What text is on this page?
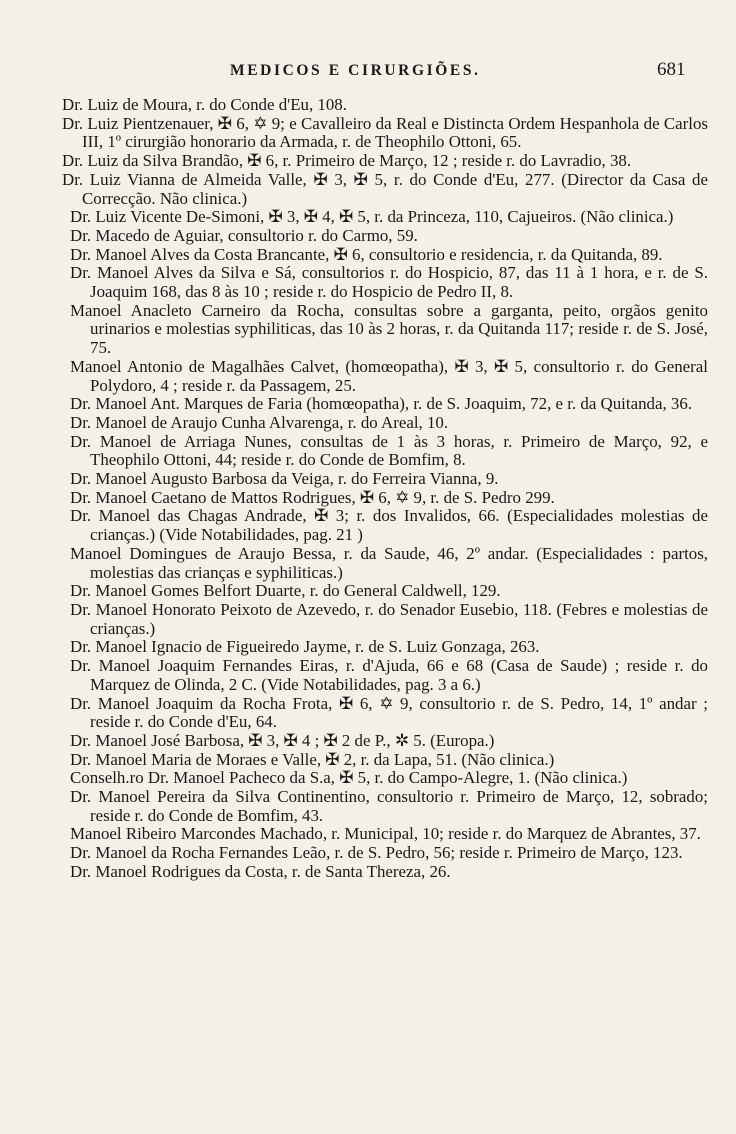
MEDICOS E CIRURGIÕES.	681

Dr. Luiz de Moura, r. do Conde d'Eu, 108.

Dr. Luiz Pientzenauer, ✠ 6, ✡ 9; e Cavalleiro da Real e Distincta Ordem Hespanhola de Carlos III, 1º cirurgião honorario da Armada, r. de Theophilo Ottoni, 65.

Dr. Luiz da Silva Brandão, ✠ 6, r. Primeiro de Março, 12 ; reside r. do Lavradio, 38.

Dr. Luiz Vianna de Almeida Valle, ✠ 3, ✠ 5, r. do Conde d'Eu, 277. (Director da Casa de Correcção. Não clinica.)

Dr. Luiz Vicente De-Simoni, ✠ 3, ✠ 4, ✠ 5, r. da Princeza, 110, Cajueiros. (Não clinica.)

Dr. Macedo de Aguiar, consultorio r. do Carmo, 59.

Dr. Manoel Alves da Costa Brancante, ✠ 6, consultorio e residencia, r. da Quitanda, 89.

Dr. Manoel Alves da Silva e Sá, consultorios r. do Hospicio, 87, das 11 à 1 hora, e r. de S. Joaquim 168, das 8 às 10 ; reside r. do Hospicio de Pedro II, 8.

Manoel Anacleto Carneiro da Rocha, consultas sobre a garganta, peito, orgãos genito urinarios e molestias syphiliticas, das 10 às 2 horas, r. da Quitanda 117; reside r. de S. José, 75.

Manoel Antonio de Magalhães Calvet, (homœopatha), ✠ 3, ✠ 5, consultorio r. do General Polydoro, 4 ; reside r. da Passagem, 25.

Dr. Manoel Ant. Marques de Faria (homœopatha), r. de S. Joaquim, 72, e r. da Quitanda, 36.

Dr. Manoel de Araujo Cunha Alvarenga, r. do Areal, 10.

Dr. Manoel de Arriaga Nunes, consultas de 1 às 3 horas, r. Primeiro de Março, 92, e Theophilo Ottoni, 44; reside r. do Conde de Bomfim, 8.

Dr. Manoel Augusto Barbosa da Veiga, r. do Ferreira Vianna, 9.

Dr. Manoel Caetano de Mattos Rodrigues, ✠ 6, ✡ 9, r. de S. Pedro 299.

Dr. Manoel das Chagas Andrade, ✠ 3; r. dos Invalidos, 66. (Especialidades molestias de crianças.) (Vide Notabilidades, pag. 21 )

Manoel Domingues de Araujo Bessa, r. da Saude, 46, 2º andar. (Especialidades : partos, molestias das crianças e syphiliticas.)

Dr. Manoel Gomes Belfort Duarte, r. do General Caldwell, 129.

Dr. Manoel Honorato Peixoto de Azevedo, r. do Senador Eusebio, 118. (Febres e molestias de crianças.)

Dr. Manoel Ignacio de Figueiredo Jayme, r. de S. Luiz Gonzaga, 263.

Dr. Manoel Joaquim Fernandes Eiras, r. d'Ajuda, 66 e 68 (Casa de Saude) ; reside r. do Marquez de Olinda, 2 C. (Vide Notabilidades, pag. 3 a 6.)

Dr. Manoel Joaquim da Rocha Frota, ✠ 6, ✡ 9, consultorio r. de S. Pedro, 14, 1º andar ; reside r. do Conde d'Eu, 64.

Dr. Manoel José Barbosa, ✠ 3, ✠ 4 ; ✠ 2 de P., ✲ 5. (Europa.)

Dr. Manoel Maria de Moraes e Valle, ✠ 2, r. da Lapa, 51. (Não clinica.)

Conselh.ro Dr. Manoel Pacheco da S.a, ✠ 5, r. do Campo-Alegre, 1. (Não clinica.)

Dr. Manoel Pereira da Silva Continentino, consultorio r. Primeiro de Março, 12, sobrado; reside r. do Conde de Bomfim, 43.

Manoel Ribeiro Marcondes Machado, r. Municipal, 10; reside r. do Marquez de Abrantes, 37.

Dr. Manoel da Rocha Fernandes Leão, r. de S. Pedro, 56; reside r. Primeiro de Março, 123.

Dr. Manoel Rodrigues da Costa, r. de Santa Thereza, 26.
